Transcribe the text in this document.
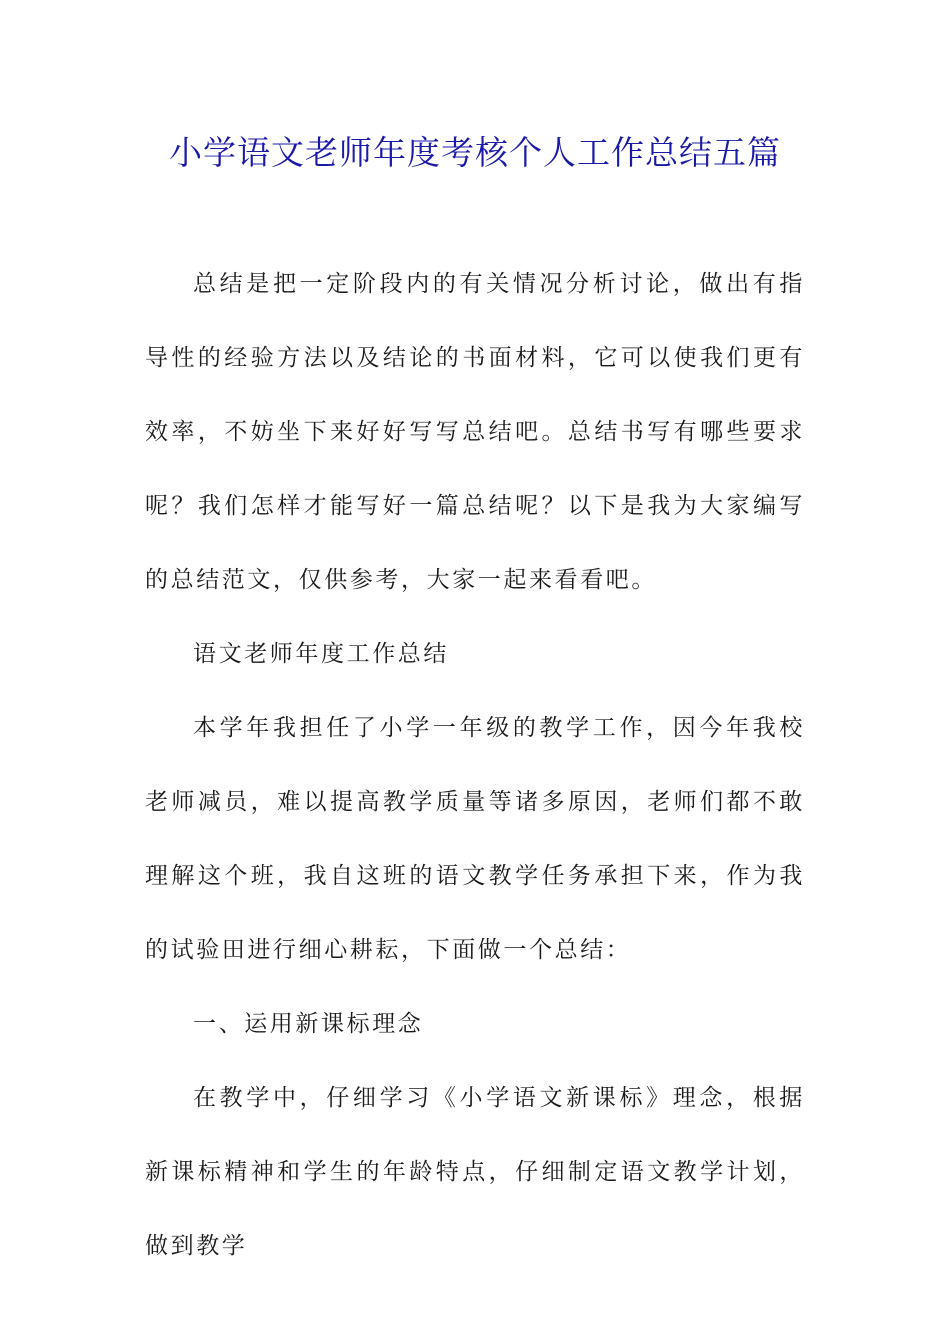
小学语文老师年度考核个人工作总结五篇

总结是把一定阶段内的有关情况分析讨论，做出有指导性的经验方法以及结论的书面材料，它可以使我们更有效率，不妨坐下来好好写写总结吧。总结书写有哪些要求呢？我们怎样才能写好一篇总结呢？以下是我为大家编写的总结范文，仅供参考，大家一起来看看吧。

语文老师年度工作总结

本学年我担任了小学一年级的教学工作，因今年我校老师减员，难以提高教学质量等诸多原因，老师们都不敢理解这个班，我自这班的语文教学任务承担下来，作为我的试验田进行细心耕耘，下面做一个总结：

一、运用新课标理念

在教学中，仔细学习《小学语文新课标》理念，根据新课标精神和学生的年龄特点，仔细制定语文教学计划，做到教学
